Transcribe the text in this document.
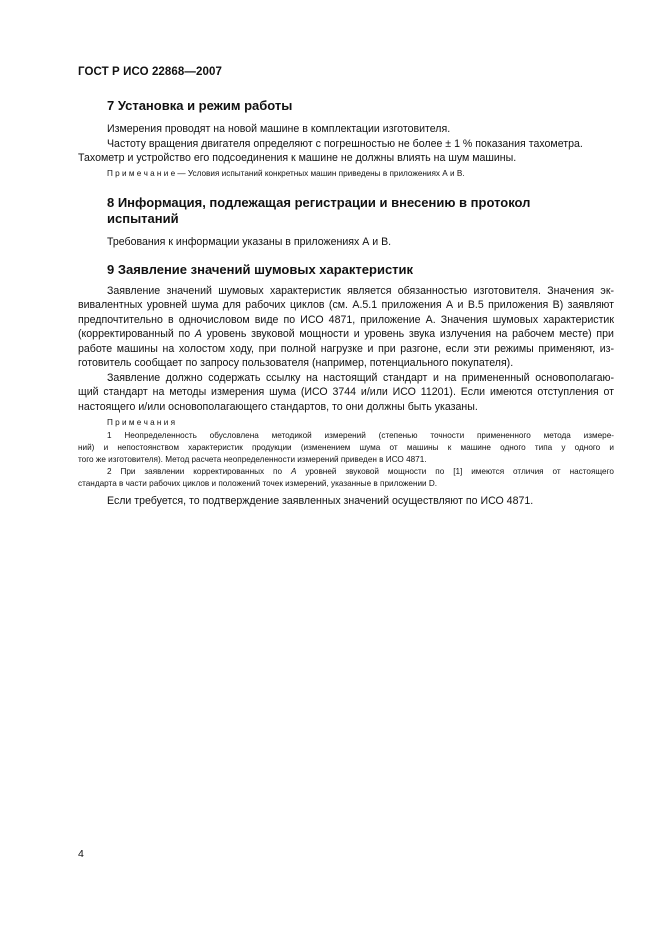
ГОСТ Р ИСО 22868—2007
7 Установка и режим работы
Измерения проводят на новой машине в комплектации изготовителя.
Частоту вращения двигателя определяют с погрешностью не более ± 1 % показания тахометра.
Тахометр и устройство его подсоединения к машине не должны влиять на шум машины.
П р и м е ч а н и е — Условия испытаний конкретных машин приведены в приложениях А и В.
8 Информация, подлежащая регистрации и внесению в протокол
испытаний
Требования к информации указаны в приложениях А и В.
9 Заявление значений шумовых характеристик
Заявление значений шумовых характеристик является обязанностью изготовителя. Значения эк-
вивалентных уровней шума для рабочих циклов (см. А.5.1 приложения А и В.5 приложения В) заявляют
предпочтительно в одночисловом виде по ИСО 4871, приложение А. Значения шумовых характеристик
(корректированный по А уровень звуковой мощности и уровень звука излучения на рабочем месте) при
работе машины на холостом ходу, при полной нагрузке и при разгоне, если эти режимы применяют, из-
готовитель сообщает по запросу пользователя (например, потенциального покупателя).
Заявление должно содержать ссылку на настоящий стандарт и на примененный основополагаю-
щий стандарт на методы измерения шума (ИСО 3744 и/или ИСО 11201). Если имеются отступления от
настоящего и/или основополагающего стандартов, то они должны быть указаны.
П р и м е ч а н и я
1 Неопределенность обусловлена методикой измерений (степенью точности примененного метода измере-
ний) и непостоянством характеристик продукции (изменением шума от машины к машине одного типа у одного и
того же изготовителя). Метод расчета неопределенности измерений приведен в ИСО 4871.
2 При заявлении корректированных по А уровней звуковой мощности по [1] имеются отличия от настоящего
стандарта в части рабочих циклов и положений точек измерений, указанные в приложении D.
Если требуется, то подтверждение заявленных значений осуществляют по ИСО 4871.
4
